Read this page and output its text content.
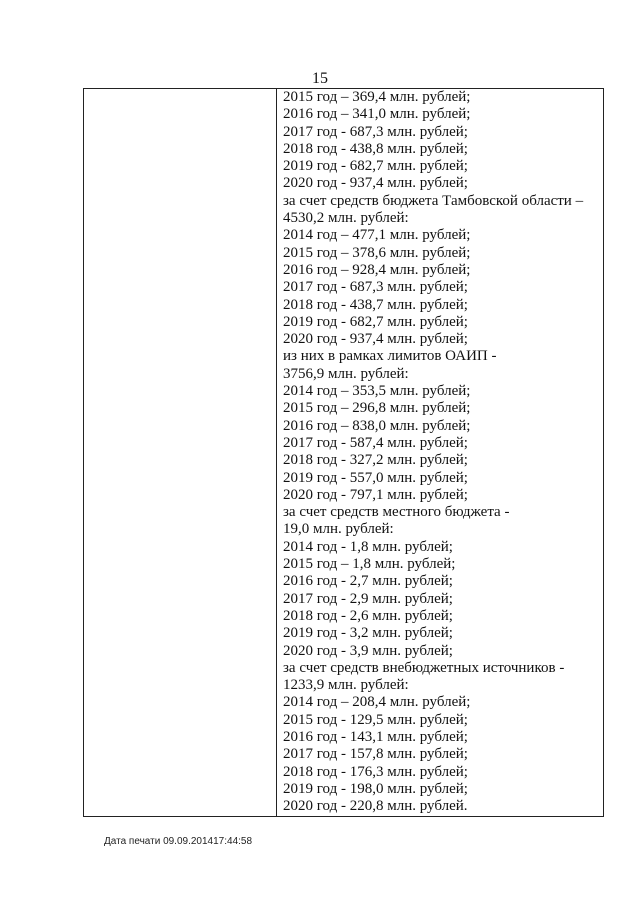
15
2015 год – 369,4 млн. рублей;
2016 год – 341,0 млн. рублей;
2017 год - 687,3 млн. рублей;
2018 год - 438,8 млн. рублей;
2019 год - 682,7 млн. рублей;
2020 год - 937,4 млн. рублей;
за счет средств бюджета Тамбовской области –
4530,2 млн. рублей:
2014 год – 477,1 млн. рублей;
2015 год – 378,6 млн. рублей;
2016 год – 928,4 млн. рублей;
2017 год - 687,3 млн. рублей;
2018 год - 438,7 млн. рублей;
2019 год - 682,7 млн. рублей;
2020 год - 937,4 млн. рублей;
из них в рамках лимитов ОАИП -
3756,9 млн. рублей:
2014 год – 353,5 млн. рублей;
2015 год – 296,8 млн. рублей;
2016 год – 838,0 млн. рублей;
2017 год - 587,4 млн. рублей;
2018 год - 327,2 млн. рублей;
2019 год - 557,0 млн. рублей;
2020 год - 797,1 млн. рублей;
за счет средств местного бюджета -
19,0 млн. рублей:
2014 год - 1,8 млн. рублей;
2015 год – 1,8 млн. рублей;
2016 год - 2,7 млн. рублей;
2017 год - 2,9 млн. рублей;
2018 год - 2,6 млн. рублей;
2019 год - 3,2 млн. рублей;
2020 год - 3,9 млн. рублей;
за счет средств внебюджетных источников -
1233,9 млн. рублей:
2014 год – 208,4 млн. рублей;
2015 год - 129,5 млн. рублей;
2016 год - 143,1 млн. рублей;
2017 год - 157,8 млн. рублей;
2018 год - 176,3 млн. рублей;
2019 год - 198,0 млн. рублей;
2020 год - 220,8 млн. рублей.
Дата печати 09.09.201417:44:58
